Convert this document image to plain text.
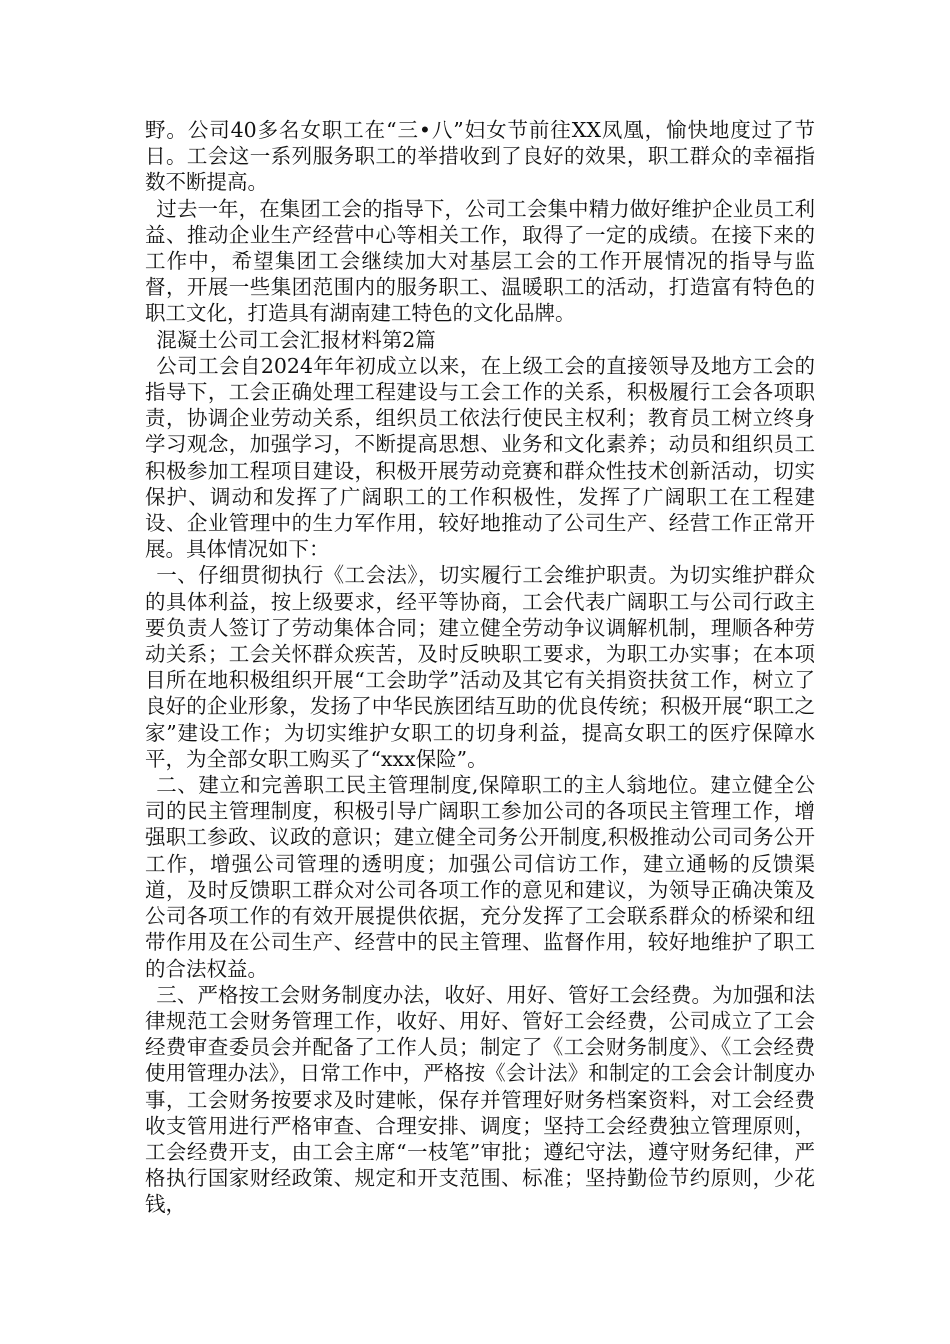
野。公司40多名女职工在“三•八”妇女节前往XX凤凰，愉快地度过了节日。工会这一系列服务职工的举措收到了良好的效果，职工群众的幸福指数不断提高。

过去一年，在集团工会的指导下，公司工会集中精力做好维护企业员工利益、推动企业生产经营中心等相关工作，取得了一定的成绩。在接下来的工作中，希望集团工会继续加大对基层工会的工作开展情况的指导与监督，开展一些集团范围内的服务职工、温暖职工的活动，打造富有特色的职工文化，打造具有湖南建工特色的文化品牌。

混凝土公司工会汇报材料第2篇

公司工会自2024年年初成立以来，在上级工会的直接领导及地方工会的指导下，工会正确处理工程建设与工会工作的关系，积极履行工会各项职责，协调企业劳动关系，组织员工依法行使民主权利；教育员工树立终身学习观念，加强学习，不断提高思想、业务和文化素养；动员和组织员工积极参加工程项目建设，积极开展劳动竞赛和群众性技术创新活动，切实保护、调动和发挥了广阔职工的工作积极性，发挥了广阔职工在工程建设、企业管理中的生力军作用，较好地推动了公司生产、经营工作正常开展。具体情况如下：

一、仔细贯彻执行《工会法》，切实履行工会维护职责。为切实维护群众的具体利益，按上级要求，经平等协商，工会代表广阔职工与公司行政主要负责人签订了劳动集体合同；建立健全劳动争议调解机制，理顺各种劳动关系；工会关怀群众疾苦，及时反映职工要求，为职工办实事；在本项目所在地积极组织开展“工会助学”活动及其它有关捐资扶贫工作，树立了良好的企业形象，发扬了中华民族团结互助的优良传统；积极开展“职工之家”建设工作；为切实维护女职工的切身利益，提高女职工的医疗保障水平，为全部女职工购买了“xxx保险”。

二、建立和完善职工民主管理制度,保障职工的主人翁地位。建立健全公司的民主管理制度，积极引导广阔职工参加公司的各项民主管理工作，增强职工参政、议政的意识；建立健全司务公开制度,积极推动公司司务公开工作，增强公司管理的透明度；加强公司信访工作，建立通畅的反馈渠道，及时反馈职工群众对公司各项工作的意见和建议，为领导正确决策及公司各项工作的有效开展提供依据，充分发挥了工会联系群众的桥梁和纽带作用及在公司生产、经营中的民主管理、监督作用，较好地维护了职工的合法权益。

三、严格按工会财务制度办法，收好、用好、管好工会经费。为加强和法律规范工会财务管理工作，收好、用好、管好工会经费，公司成立了工会经费审查委员会并配备了工作人员；制定了《工会财务制度》、《工会经费使用管理办法》，日常工作中，严格按《会计法》和制定的工会会计制度办事，工会财务按要求及时建帐，保存并管理好财务档案资料，对工会经费收支管用进行严格审查、合理安排、调度；坚持工会经费独立管理原则，工会经费开支，由工会主席“一枝笔”审批；遵纪守法，遵守财务纪律，严格执行国家财经政策、规定和开支范围、标准；坚持勤俭节约原则，少花钱，
